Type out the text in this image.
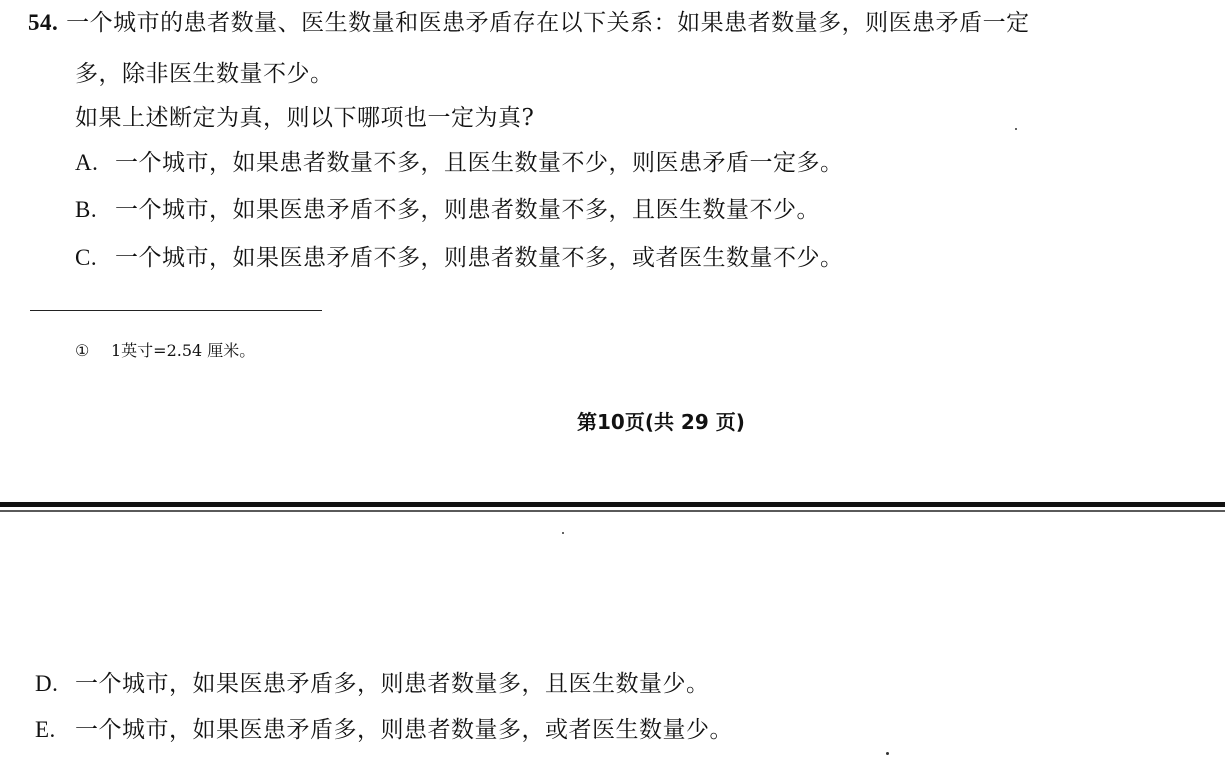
54. 一个城市的患者数量、医生数量和医患矛盾存在以下关系：如果患者数量多，则医患矛盾一定
多，除非医生数量不少。
如果上述断定为真，则以下哪项也一定为真?
A. 一个城市，如果患者数量不多，且医生数量不少，则医患矛盾一定多。
B. 一个城市，如果医患矛盾不多，则患者数量不多，且医生数量不少。
C. 一个城市，如果医患矛盾不多，则患者数量不多，或者医生数量不少。
① 1英寸=2.54 厘米。
第10页(共 29 页)
D. 一个城市，如果医患矛盾多，则患者数量多，且医生数量少。
E. 一个城市，如果医患矛盾多，则患者数量多，或者医生数量少。
